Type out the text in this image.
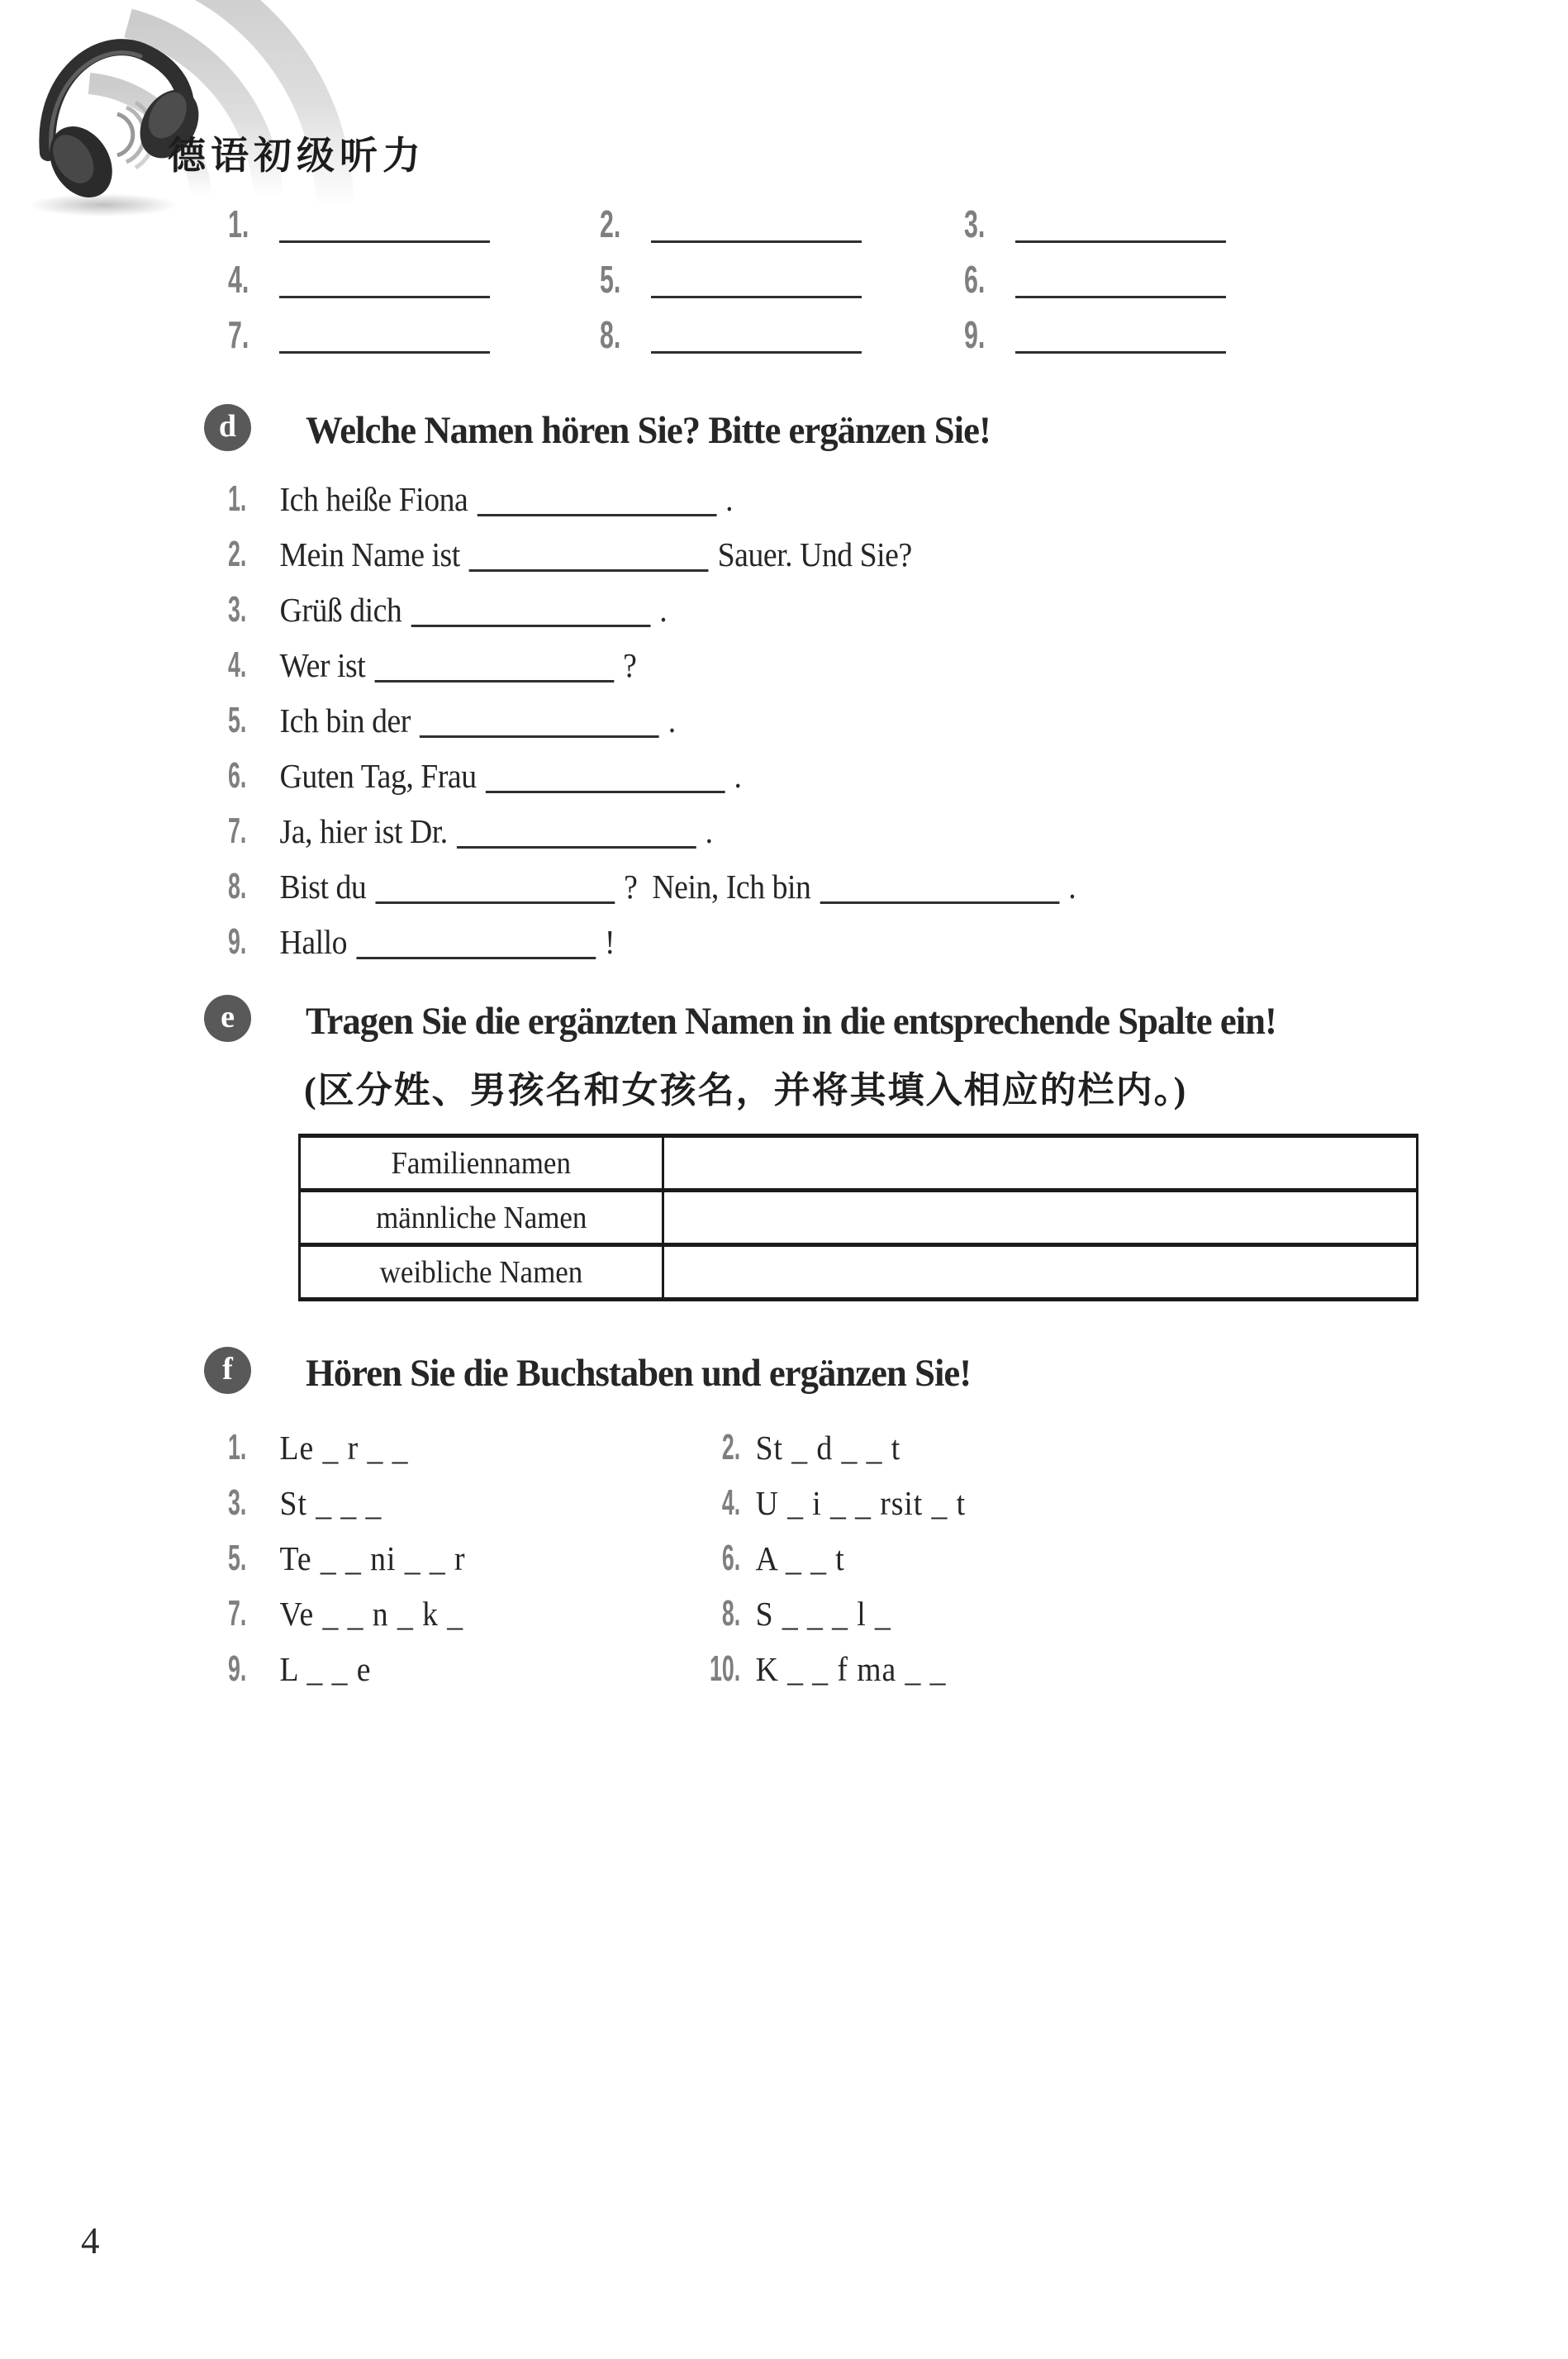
德语初级听力
1.	2.	3.
4.	5.	6.
7.	8.	9.
d	Welche Namen hören Sie? Bitte ergänzen Sie!
1. Ich heiße Fiona	.
2. Mein Name ist	Sauer. Und Sie?
3. Grüß dich	.
4. Wer ist	?
5. Ich bin der	.
6. Guten Tag, Frau	.
7. Ja, hier ist Dr.	.
8. Bist du	?  Nein, Ich bin	.
9. Hallo	!
e	Tragen Sie die ergänzten Namen in die entsprechende Spalte ein!
(区分姓、男孩名和女孩名，并将其填入相应的栏内。)
Familiennamen	
männliche Namen	
weibliche Namen	
f	Hören Sie die Buchstaben und ergänzen Sie!
1. Le _ r _ _	2. St _ d _ _ t
3. St _ _ _	4. U _ i _ _ rsit _ t
5. Te _ _ ni _ _ r	6. A _ _ t
7. Ve _ _ n _ k _	8. S _ _ _ l _
9. L _ _ e	10. K _ _ f ma _ _
4
